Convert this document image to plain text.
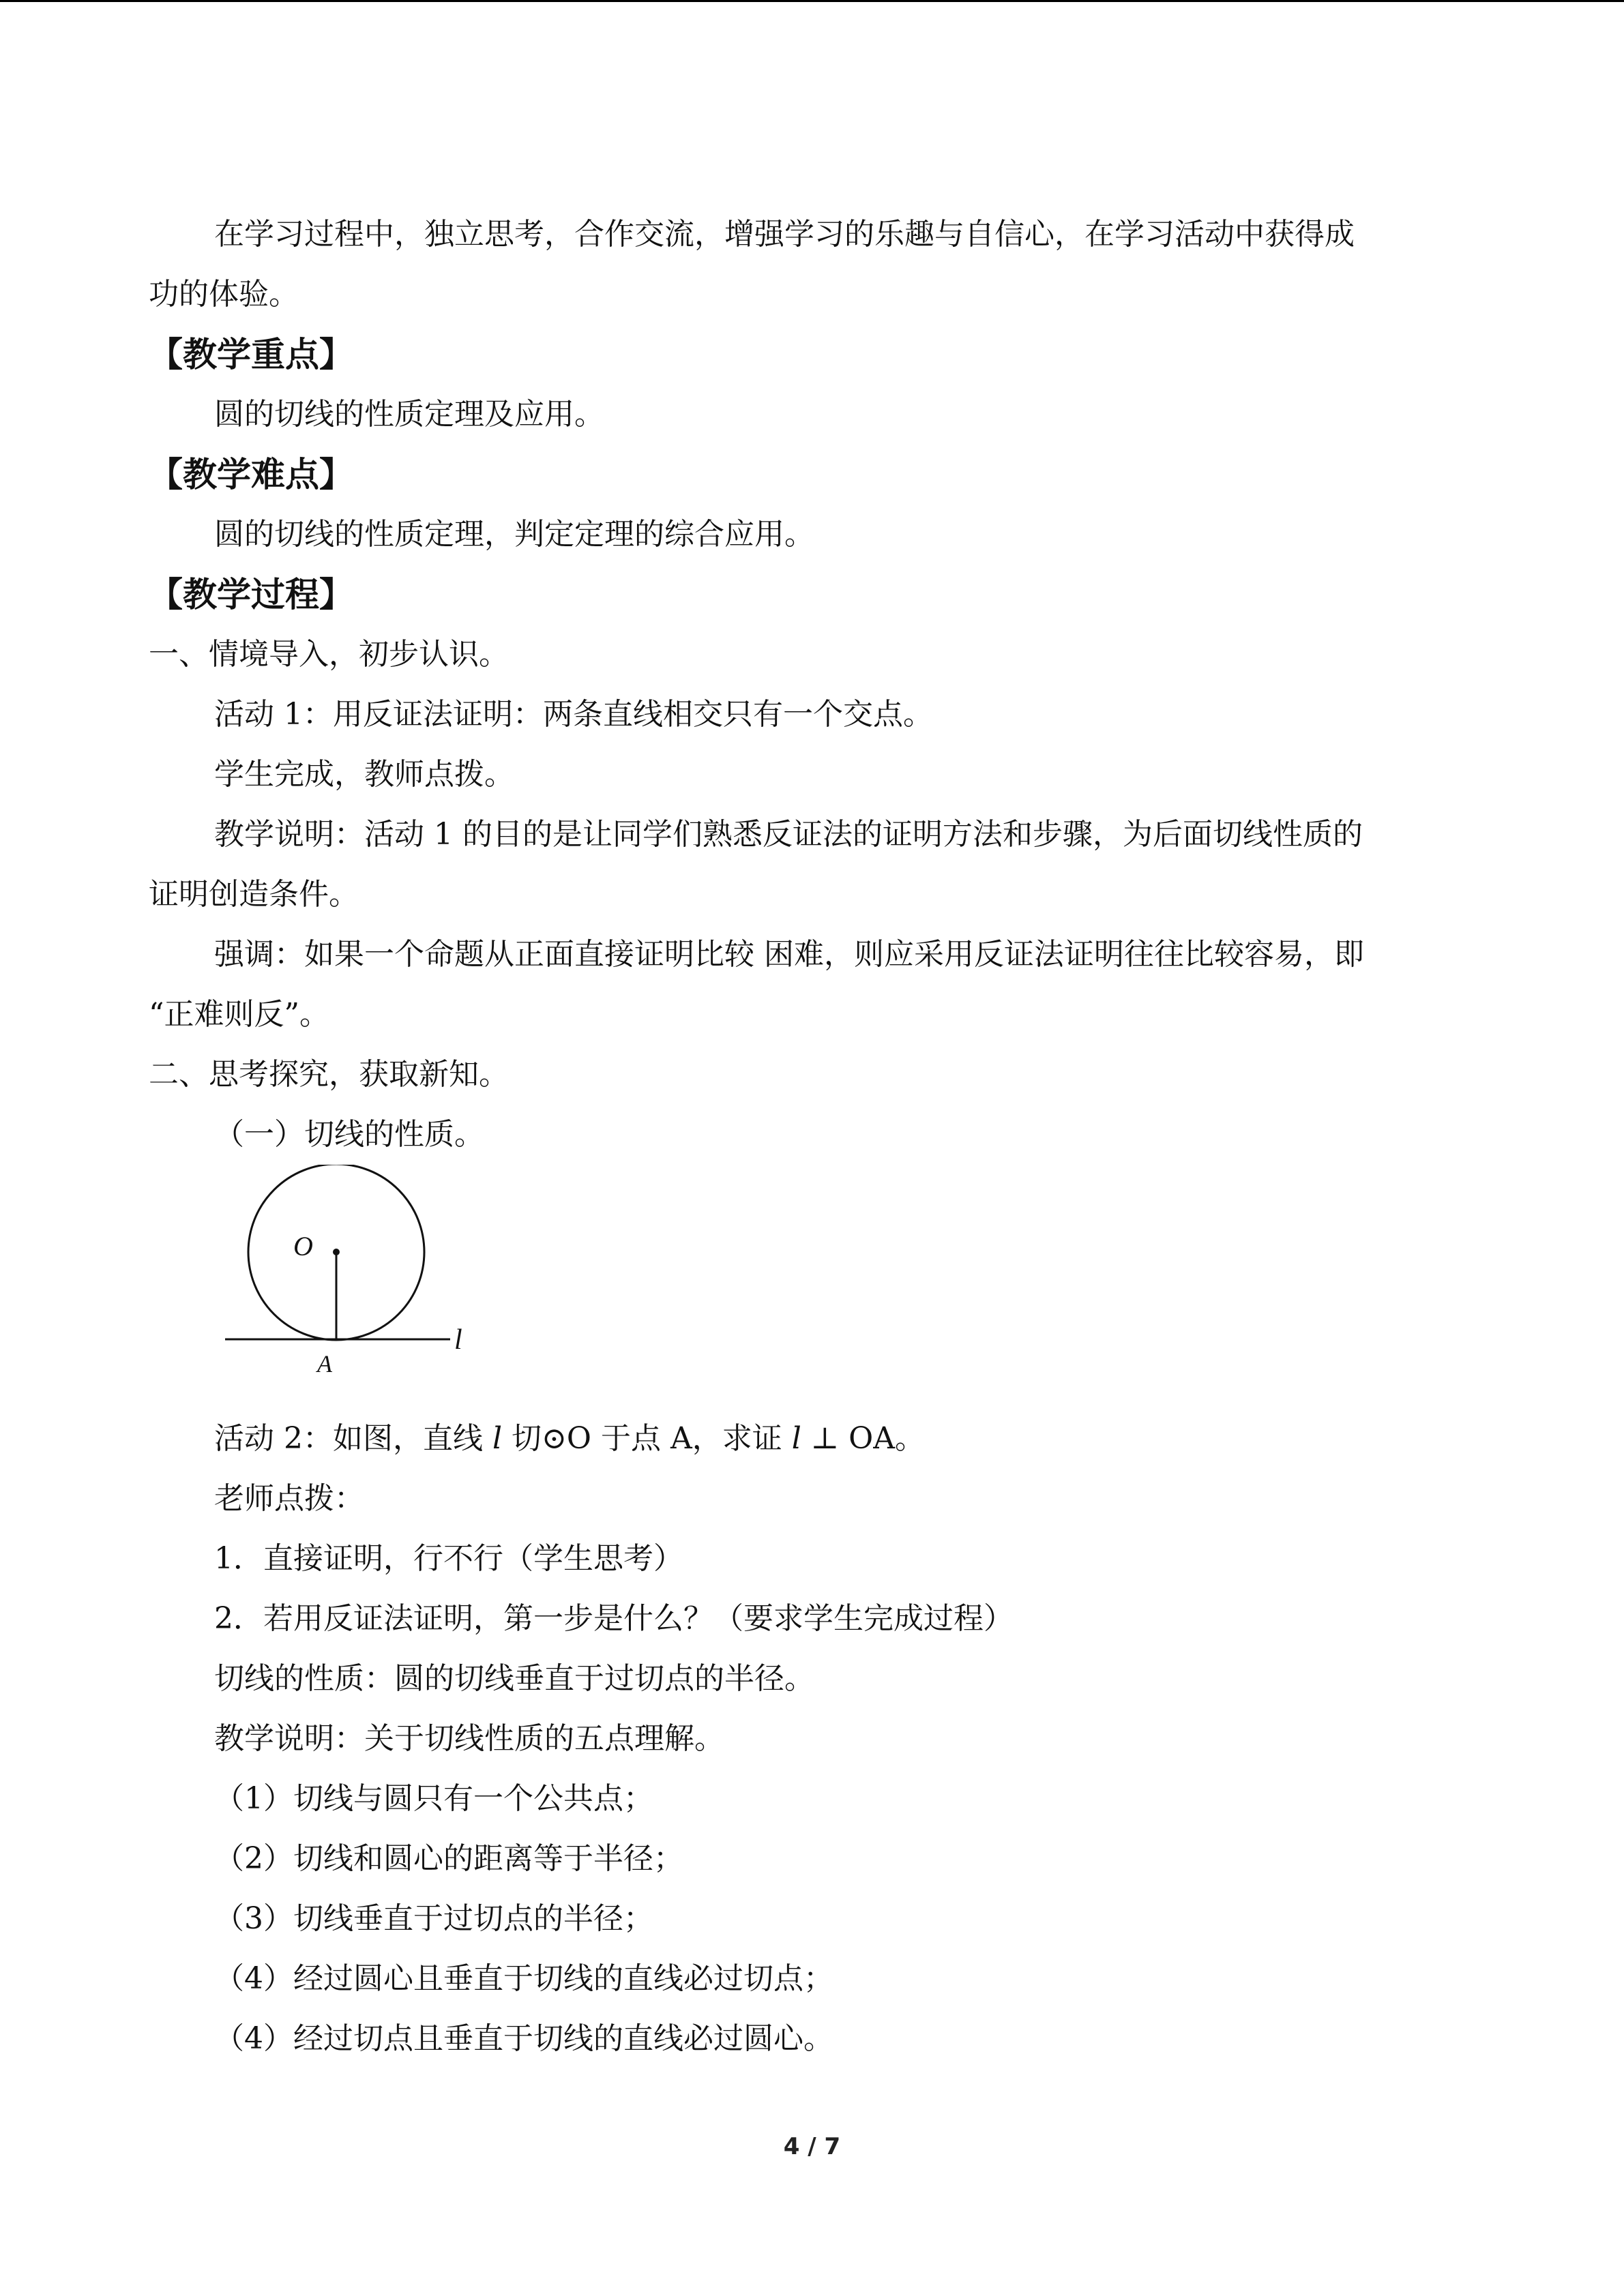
在学习过程中，独立思考，合作交流，增强学习的乐趣与自信心，在学习活动中获得成

功的体验。

【教学重点】

圆的切线的性质定理及应用。

【教学难点】

圆的切线的性质定理，判定定理的综合应用。

【教学过程】

一、情境导入，初步认识。

活动 1：用反证法证明：两条直线相交只有一个交点。

学生完成，教师点拨。

教学说明：活动 1 的目的是让同学们熟悉反证法的证明方法和步骤，为后面切线性质的

证明创造条件。

强调：如果一个命题从正面直接证明比较 困难，则应采用反证法证明往往比较容易，即

“正难则反”。

二、思考探究，获取新知。

（一）切线的性质。

O
A
l

活动 2：如图，直线 l 切⊙O 于点 A，求证 l ⊥ OA。

老师点拨：

1．直接证明，行不行（学生思考）

2．若用反证法证明，第一步是什么？（要求学生完成过程）

切线的性质：圆的切线垂直于过切点的半径。

教学说明：关于切线性质的五点理解。

（1）切线与圆只有一个公共点；

（2）切线和圆心的距离等于半径；

（3）切线垂直于过切点的半径；

（4）经过圆心且垂直于切线的直线必过切点；

（4）经过切点且垂直于切线的直线必过圆心。

4 / 7
